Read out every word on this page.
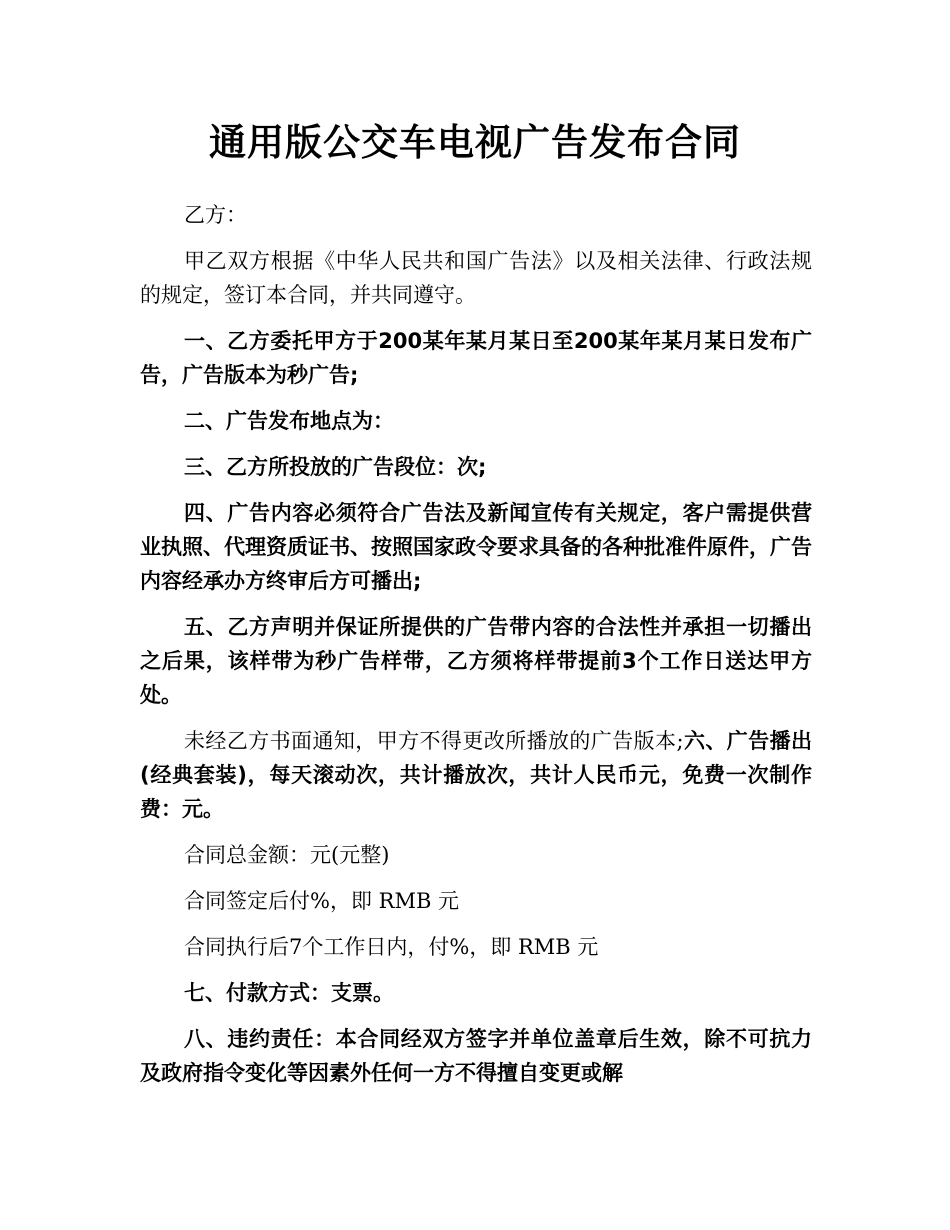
通用版公交车电视广告发布合同

乙方：

甲乙双方根据《中华人民共和国广告法》以及相关法律、行政法规的规定，签订本合同，并共同遵守。

一、乙方委托甲方于200某年某月某日至200某年某月某日发布广告，广告版本为秒广告;

二、广告发布地点为：

三、乙方所投放的广告段位：次;

四、广告内容必须符合广告法及新闻宣传有关规定，客户需提供营业执照、代理资质证书、按照国家政令要求具备的各种批准件原件，广告内容经承办方终审后方可播出;

五、乙方声明并保证所提供的广告带内容的合法性并承担一切播出之后果，该样带为秒广告样带，乙方须将样带提前3个工作日送达甲方处。

未经乙方书面通知，甲方不得更改所播放的广告版本;六、广告播出(经典套装)，每天滚动次，共计播放次，共计人民币元，免费一次制作费：元。

合同总金额：元(元整)

合同签定后付%，即 RMB 元

合同执行后7个工作日内，付%，即 RMB 元

七、付款方式：支票。

八、违约责任：本合同经双方签字并单位盖章后生效，除不可抗力及政府指令变化等因素外任何一方不得擅自变更或解
